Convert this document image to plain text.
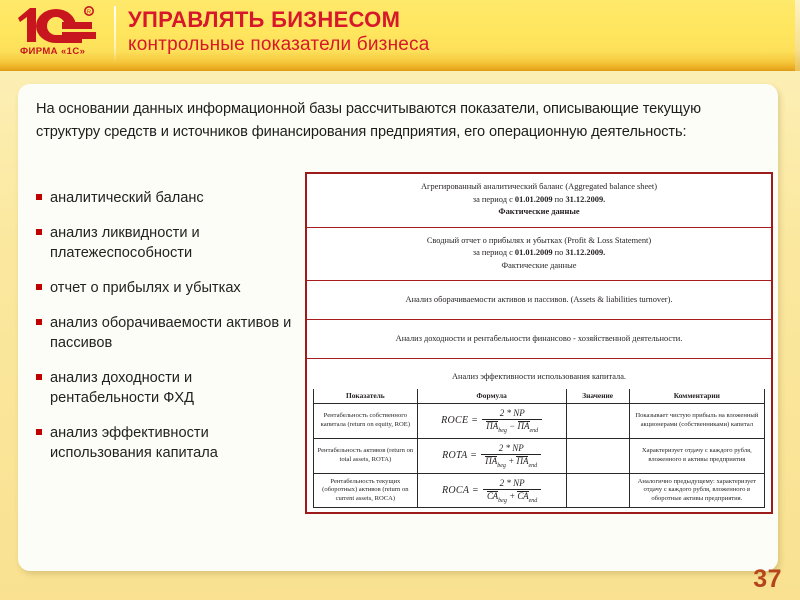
R
ФИРМА «1С»
УПРАВЛЯТЬ БИЗНЕСОМ
контрольные показатели бизнеса
На основании данных информационной базы рассчитываются показатели, описывающие текущую структуру средств и источников финансирования предприятия, его операционную деятельность:
аналитический баланс
анализ ликвидности и платежеспособности
отчет о прибылях и убытках
анализ оборачиваемости активов и пассивов
анализ доходности и рентабельности ФХД
анализ эффективности использования капитала
Агрегированный аналитический баланс (Aggregated balance sheet)
за период с 01.01.2009 по 31.12.2009.
Фактические данные
Сводный отчет о прибылях и убытках (Profit & Loss Statement)
за период с 01.01.2009 по 31.12.2009.
Фактические данные
Анализ оборачиваемости активов и пассивов. (Assets & liabilities turnover).
Анализ доходности и рентабельности финансово - хозяйственной деятельности.
Анализ эффективности использования капитала.
Показатель	Формула	Значение	Комментарии
Рентабельность собственного капитала (return on equity, ROE)	ROCE = $\frac{2 * NP}{ПА_{beg} - ПА_{end}}$		Показывает чистую прибыль на вложенный акционерами (собственниками) капитал
Рентабельность активов (return on total assets, ROTA)	ROTA = $\frac{2 * NP}{ПА_{beg} + ПА_{end}}$		Характеризует отдачу с каждого рубля, вложенного в активы предприятия
Рентабельность текущих (оборотных) активов (return on current assets, ROCA)	ROCA = $\frac{2 * NP}{СА_{beg} + СА_{end}}$		Аналогично предыдущему: характеризует отдачу с каждого рубля, вложенного в оборотные активы предприятия.
37
